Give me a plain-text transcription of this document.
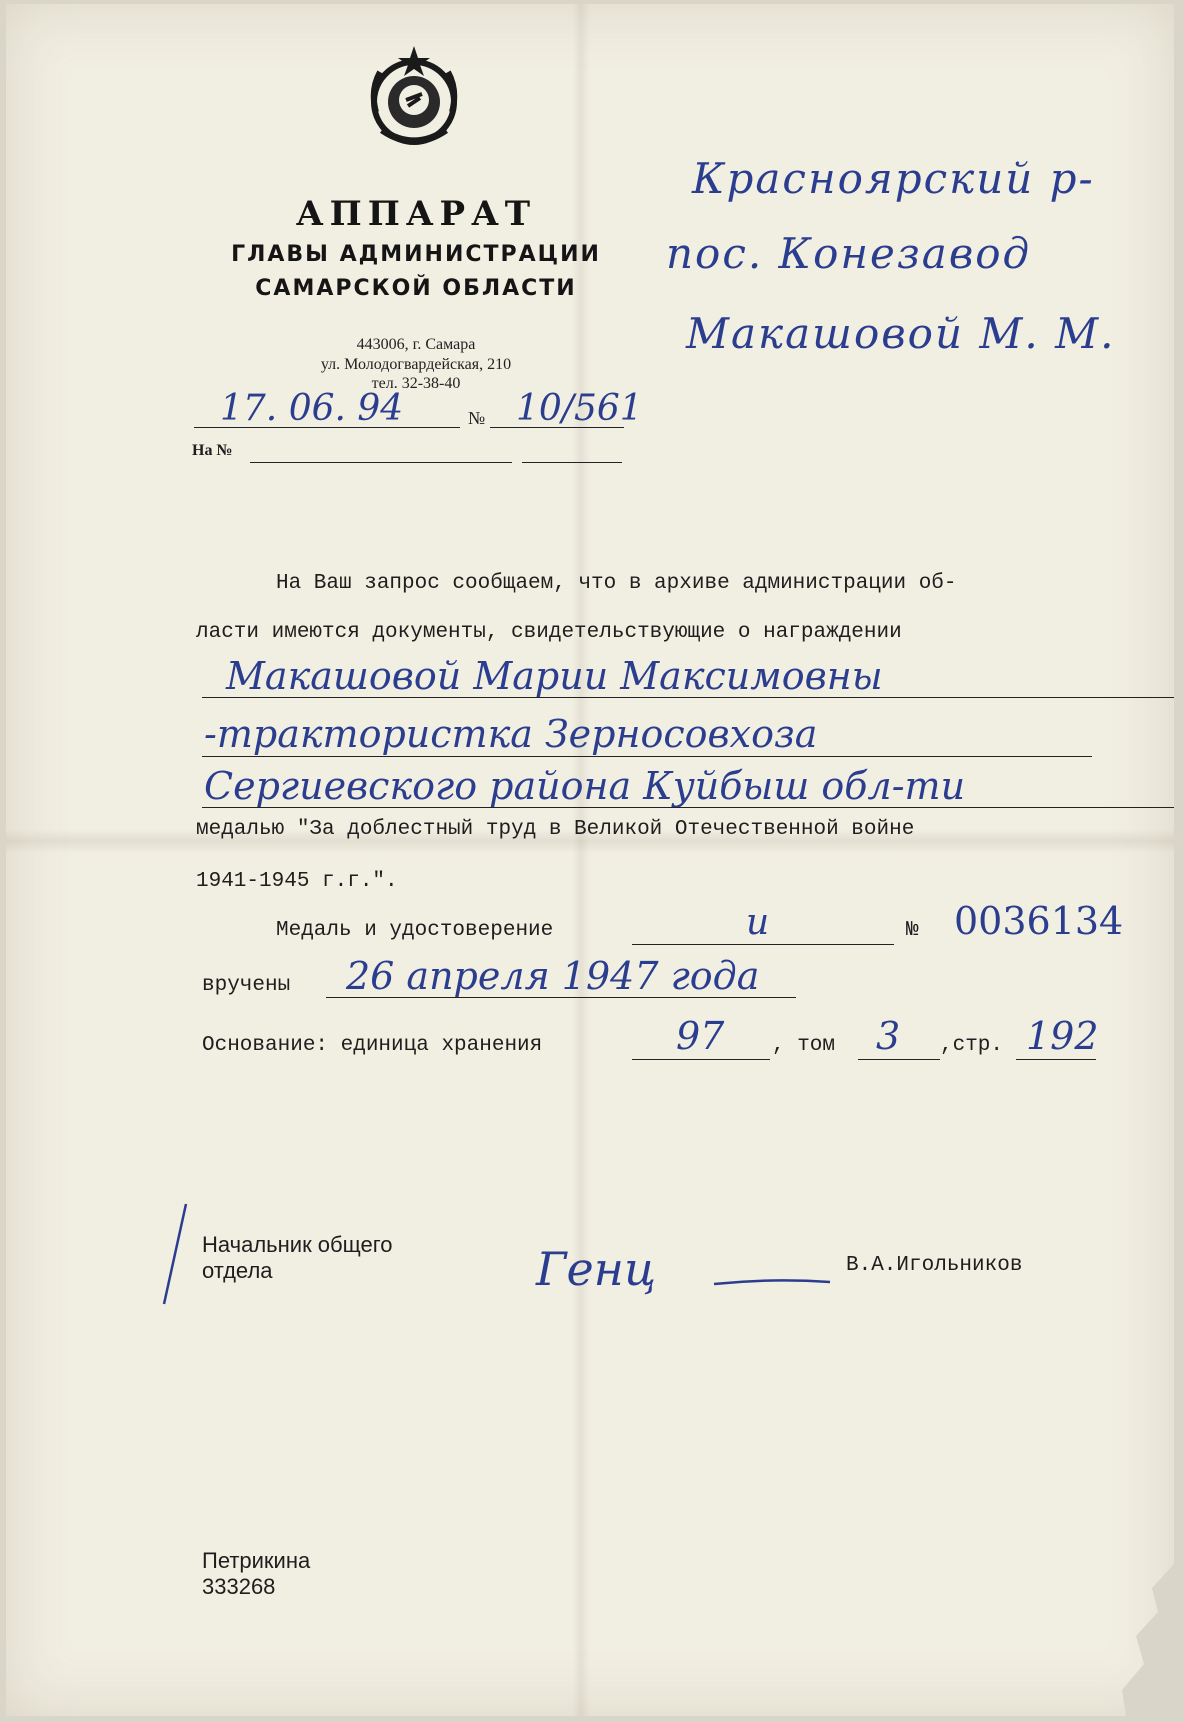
АППАРАТ
ГЛАВЫ АДМИНИСТРАЦИИ
САМАРСКОЙ ОБЛАСТИ
443006, г. Самара
ул. Молодогвардейская, 210
тел. 32-38-40
17. 06. 94	№ 10/561
На №
Красноярский р-
пос. Конезавод
Макашовой М. М.
На Ваш запрос сообщаем, что в архиве администрации об-
ласти имеются документы, свидетельствующие о награждении
Макашовой Марии Максимовны
-трактористка Зерносовхоза
Сергиевского района Куйбыш обл-ти
медалью "За доблестный труд в Великой Отечественной войне
1941-1945 г.г.".
Медаль и удостоверение	и	№ 0036134
вручены 26 апреля 1947 года
Основание: единица хранения	97 , том 3 ,стр. 192
Начальник общего
отдела	Генц	В.А.Игольников
Петрикина
333268
